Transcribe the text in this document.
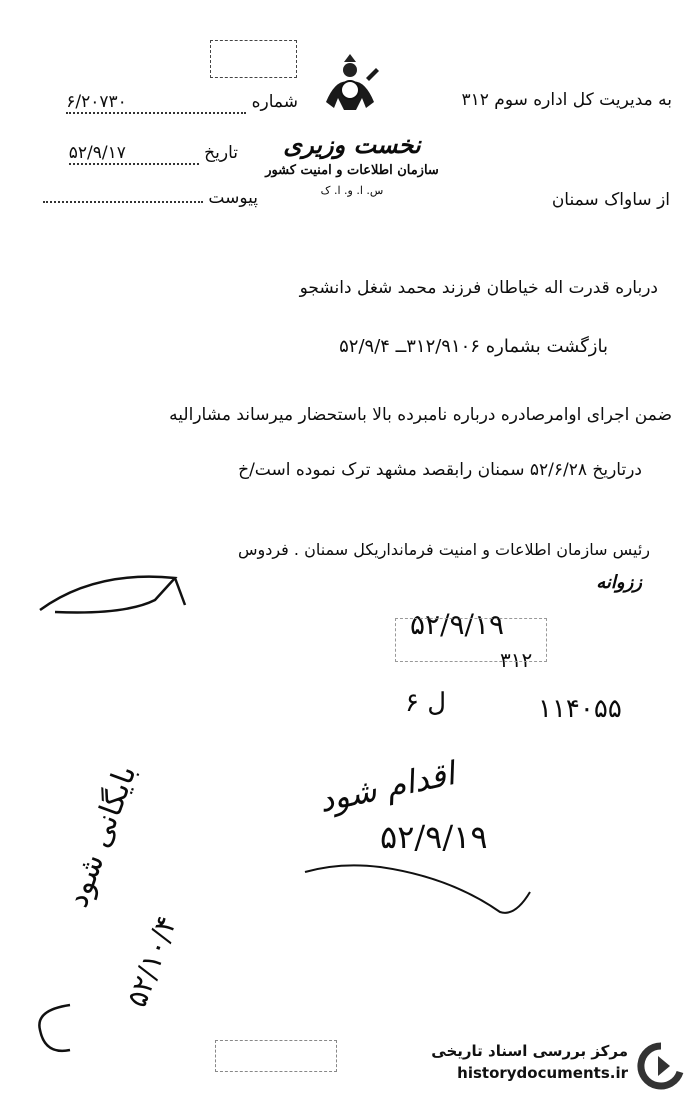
به مدیریت کل اداره سوم ۳۱۲
از ساواک سمنان
شماره ۶/۲۰۷۳۰
تاریخ ۵۲/۹/۱۷
پیوست
نخست وزیری
سازمان اطلاعات و امنیت کشور
س. ا. و. ا. ک
درباره قدرت اله خیاطان فرزند محمد شغل دانشجو
بازگشت بشماره ۳۱۲/۹۱۰۶ــ ۵۲/۹/۴
ضمن اجرای اوامرصادره درباره نامبرده بالا باستحضار میرساند مشارالیه
درتاریخ ۵۲/۶/۲۸ سمنان رابقصد مشهد ترک نموده است/خ
رئیس سازمان اطلاعات و امنیت فرمانداریکل سمنان . فردوس
ززوانه
۵۲/۹/۱۹
۳۱۲
ل ۶	۱۱۴۰۵۵
اقدام شود
۵۲/۹/۱۹
بایگانی شود
۵۲/۱۰/۴
مرکز بررسی اسناد تاریخی
historydocuments.ir
